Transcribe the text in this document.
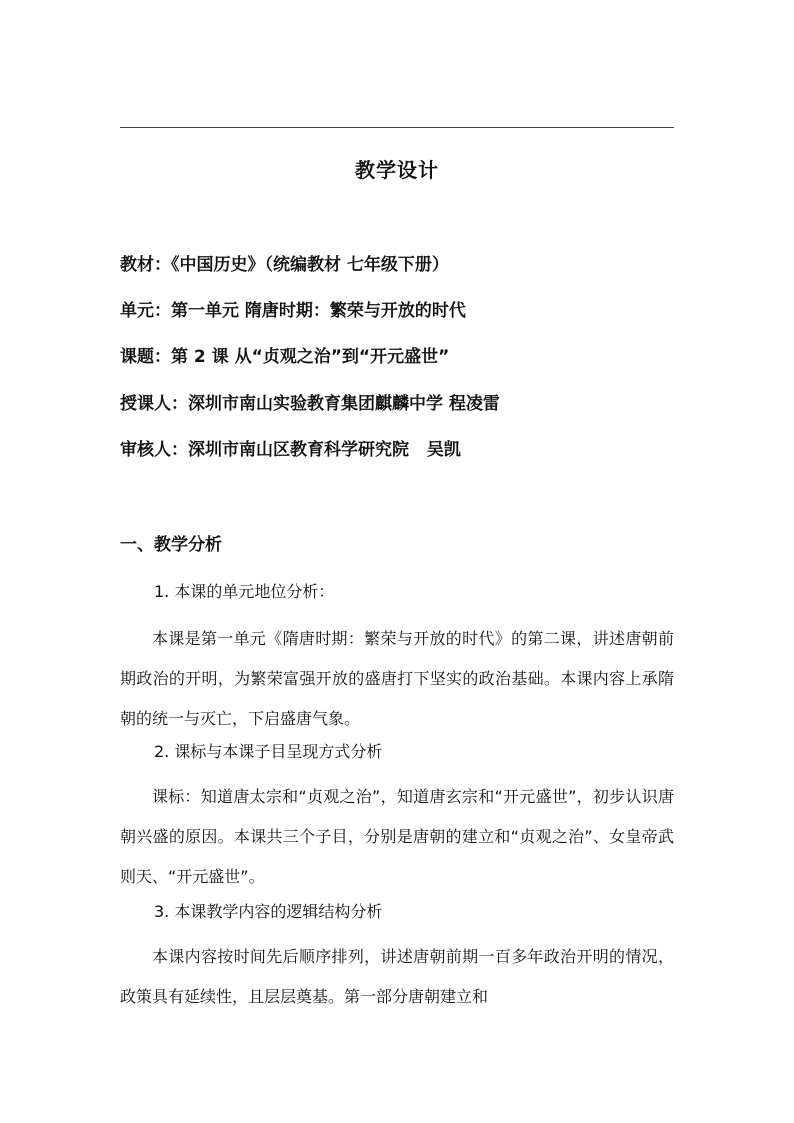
教学设计
教材：《中国历史》（统编教材 七年级下册）
单元：第一单元 隋唐时期：繁荣与开放的时代
课题：第 2 课 从“贞观之治”到“开元盛世”
授课人：深圳市南山实验教育集团麒麟中学 程凌雷
审核人：深圳市南山区教育科学研究院   吴凯
一、教学分析
1. 本课的单元地位分析：
本课是第一单元《隋唐时期：繁荣与开放的时代》的第二课，讲述唐朝前期政治的开明，为繁荣富强开放的盛唐打下坚实的政治基础。本课内容上承隋朝的统一与灭亡，下启盛唐气象。
2. 课标与本课子目呈现方式分析
课标：知道唐太宗和“贞观之治”，知道唐玄宗和“开元盛世”，初步认识唐朝兴盛的原因。本课共三个子目，分别是唐朝的建立和“贞观之治”、女皇帝武则天、“开元盛世”。
3. 本课教学内容的逻辑结构分析
本课内容按时间先后顺序排列，讲述唐朝前期一百多年政治开明的情况，政策具有延续性，且层层奠基。第一部分唐朝建立和
